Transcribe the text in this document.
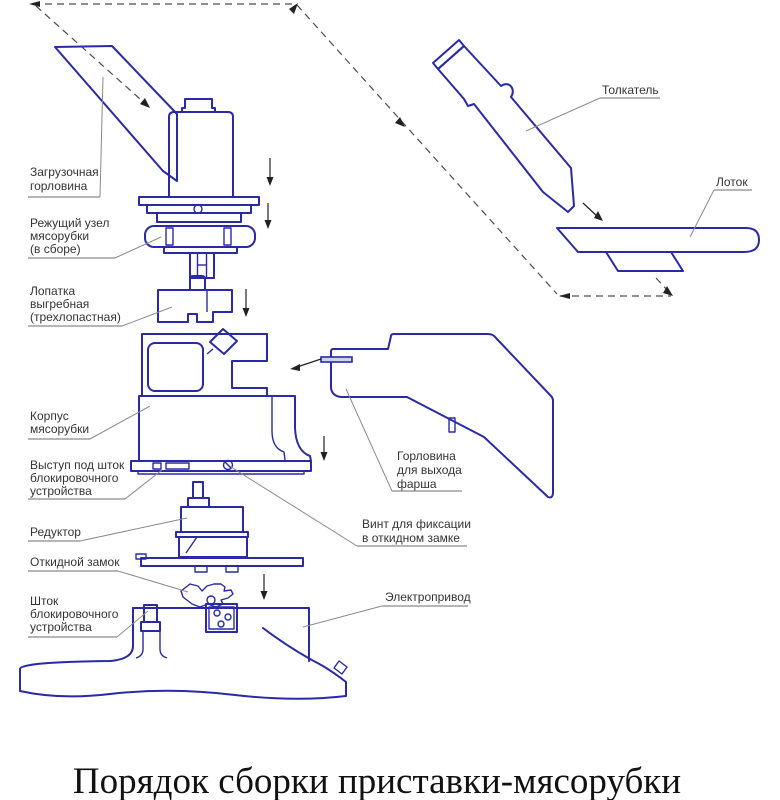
Загрузочная
горловина
Режущий узел
мясорубки
(в сборе)
Лопатка
выгребная
(трехлопастная)
Корпус
мясорубки
Выступ под шток
блокировочного
устройства
Редуктор
Откидной замок
Шток
блокировочного
устройства
Толкатель
Лоток
Горловина
для выхода
фарша
Винт для фиксации
в откидном замке
Электропривод
Порядок сборки приставки-мясорубки
